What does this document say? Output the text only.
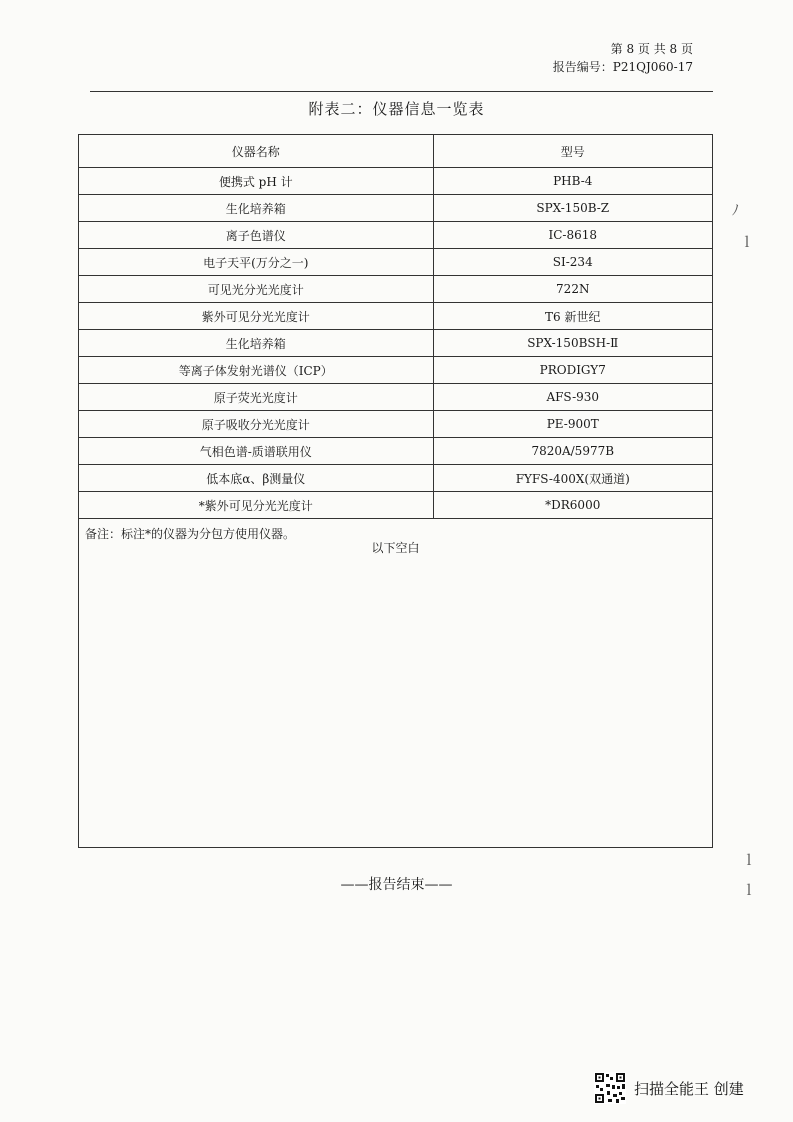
第 8 页 共 8 页
报告编号：P21QJ060-17
附表二：仪器信息一览表
仪器名称	型号
便携式 pH 计	PHB-4
生化培养箱	SPX-150B-Z
离子色谱仪	IC-8618
电子天平(万分之一)	SI-234
可见光分光光度计	722N
紫外可见分光光度计	T6 新世纪
生化培养箱	SPX-150BSH-Ⅱ
等离子体发射光谱仪（ICP）	PRODIGY7
原子荧光光度计	AFS-930
原子吸收分光光度计	PE-900T
气相色谱-质谱联用仪	7820A/5977B
低本底α、β测量仪	FYFS-400X(双通道)
*紫外可见分光光度计	*DR6000
备注：标注*的仪器为分包方使用仪器。
以下空白
——报告结束——
ﾉ
ｌ
ｌ
ｌ
扫描全能王 创建
